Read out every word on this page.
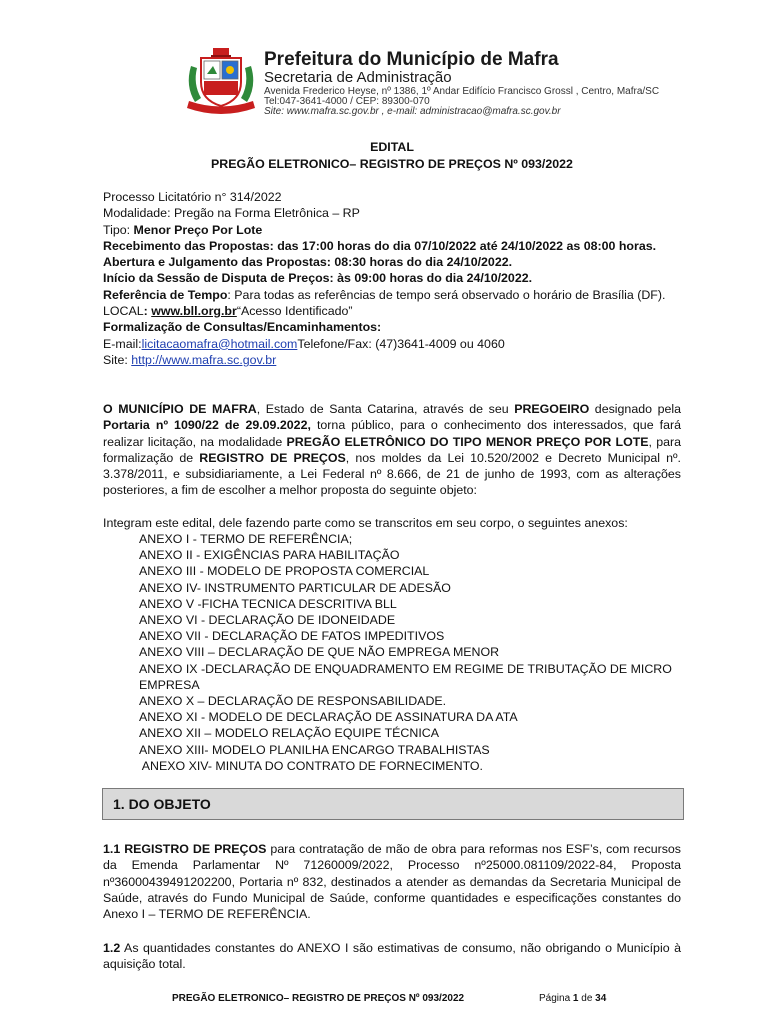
Prefeitura do Município de Mafra
Secretaria de Administração
Avenida Frederico Heyse, nº 1386, 1º Andar Edifício Francisco Grossl , Centro, Mafra/SC
Tel:047-3641-4000 / CEP: 89300-070
Site: www.mafra.sc.gov.br , e-mail: administracao@mafra.sc.gov.br
EDITAL
PREGÃO ELETRONICO– REGISTRO DE PREÇOS Nº 093/2022
Processo Licitatório n° 314/2022
Modalidade: Pregão na Forma Eletrônica – RP
Tipo: Menor Preço Por Lote
Recebimento das Propostas: das 17:00 horas do dia 07/10/2022 até 24/10/2022 as 08:00 horas.
Abertura e Julgamento das Propostas: 08:30 horas do dia 24/10/2022.
Início da Sessão de Disputa de Preços: às 09:00 horas do dia 24/10/2022.
Referência de Tempo: Para todas as referências de tempo será observado o horário de Brasília (DF).
LOCAL: www.bll.org.br“Acesso Identificado”
Formalização de Consultas/Encaminhamentos:
E-mail:licitacaomafra@hotmail.comTelefone/Fax: (47)3641-4009 ou 4060
Site: http://www.mafra.sc.gov.br
O MUNICÍPIO DE MAFRA, Estado de Santa Catarina, através de seu PREGOEIRO designado pela Portaria nº 1090/22 de 29.09.2022, torna público, para o conhecimento dos interessados, que fará realizar licitação, na modalidade PREGÃO ELETRÔNICO DO TIPO MENOR PREÇO POR LOTE, para formalização de REGISTRO DE PREÇOS, nos moldes da Lei 10.520/2002 e Decreto Municipal nº. 3.378/2011, e subsidiariamente, a Lei Federal nº 8.666, de 21 de junho de 1993, com as alterações posteriores, a fim de escolher a melhor proposta do seguinte objeto:
Integram este edital, dele fazendo parte como se transcritos em seu corpo, o seguintes anexos:
ANEXO I - TERMO DE REFERÊNCIA;
ANEXO II - EXIGÊNCIAS PARA HABILITAÇÃO
ANEXO III - MODELO DE PROPOSTA COMERCIAL
ANEXO IV- INSTRUMENTO PARTICULAR DE ADESÃO
ANEXO V -FICHA TECNICA DESCRITIVA BLL
ANEXO VI - DECLARAÇÃO DE IDONEIDADE
ANEXO VII - DECLARAÇÃO DE FATOS IMPEDITIVOS
ANEXO VIII – DECLARAÇÃO DE QUE NÃO EMPREGA MENOR
ANEXO IX -DECLARAÇÃO DE ENQUADRAMENTO EM REGIME DE TRIBUTAÇÃO DE MICRO EMPRESA
ANEXO X – DECLARAÇÃO DE RESPONSABILIDADE.
ANEXO XI - MODELO DE DECLARAÇÃO DE ASSINATURA DA ATA
ANEXO XII – MODELO RELAÇÃO EQUIPE TÉCNICA
ANEXO XIII- MODELO PLANILHA ENCARGO TRABALHISTAS
ANEXO XIV- MINUTA DO CONTRATO DE FORNECIMENTO.
1. DO OBJETO
1.1 REGISTRO DE PREÇOS para contratação de mão de obra para reformas nos ESF’s, com recursos da Emenda Parlamentar Nº 71260009/2022, Processo nº25000.081109/2022-84, Proposta nº36000439491202200, Portaria nº 832, destinados a atender as demandas da Secretaria Municipal de Saúde, através do Fundo Municipal de Saúde, conforme quantidades e especificações constantes do Anexo I – TERMO DE REFERÊNCIA.
1.2 As quantidades constantes do ANEXO I são estimativas de consumo, não obrigando o Município à aquisição total.
PREGÃO ELETRONICO– REGISTRO DE PREÇOS Nº 093/2022	Página 1 de 34
